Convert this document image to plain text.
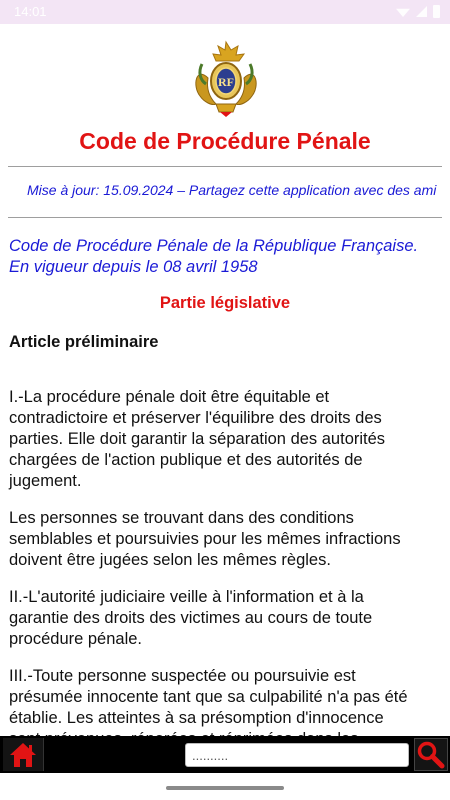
14:01
RF
Code de Procédure Pénale
Mise à jour: 15.09.2024 – Partagez cette application avec des ami
Code de Procédure Pénale de la République Française.
En vigueur depuis le 08 avril 1958
Partie législative
Article préliminaire

I.-La procédure pénale doit être équitable et
contradictoire et préserver l'équilibre des droits des
parties. Elle doit garantir la séparation des autorités
chargées de l'action publique et des autorités de
jugement.

Les personnes se trouvant dans des conditions
semblables et poursuivies pour les mêmes infractions
doivent être jugées selon les mêmes règles.

II.-L'autorité judiciaire veille à l'information et à la
garantie des droits des victimes au cours de toute
procédure pénale.

III.-Toute personne suspectée ou poursuivie est
présumée innocente tant que sa culpabilité n'a pas été
établie. Les atteintes à sa présomption d'innocence

..........
